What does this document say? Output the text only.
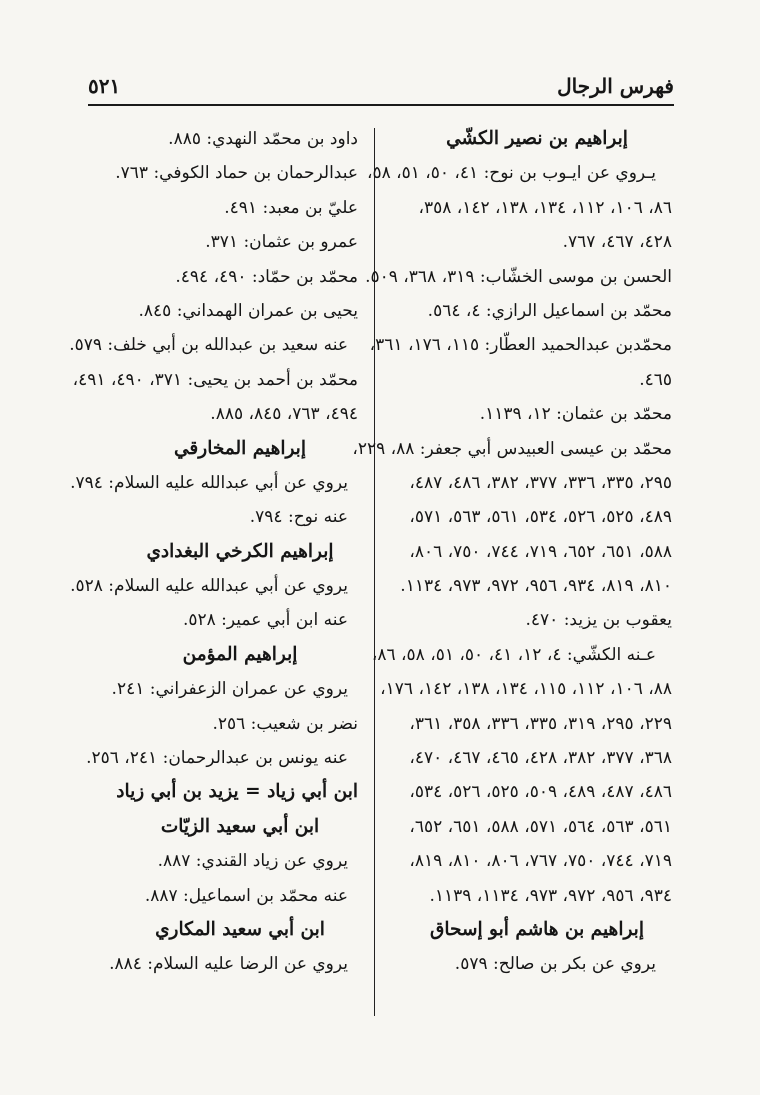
فهرس الرجال
٥٢١
إبراهيم بن نصير الكشّي
يـروي عن ايـوب بن نوح: ٤١، ٥٠، ٥١، ٥٨،
٨٦، ١٠٦، ١١٢، ١٣٤، ١٣٨، ١٤٢، ٣٥٨،
٤٢٨، ٤٦٧، ٧٦٧.
الحسن بن موسى الخشّاب: ٣١٩، ٣٦٨، ٥٠٩.
محمّد بن اسماعيل الرازي: ٤، ٥٦٤.
محمّدبن عبدالحميد العطّار: ١١٥، ١٧٦، ٣٦١،
٤٦٥.
محمّد بن عثمان: ١٢، ١١٣٩.
محمّد بن عيسى العبيدس أبي جعفر: ٨٨، ٢٢٩،
٢٩٥، ٣٣٥، ٣٣٦، ٣٧٧، ٣٨٢، ٤٨٦، ٤٨٧،
٤٨٩، ٥٢٥، ٥٢٦، ٥٣٤، ٥٦١، ٥٦٣، ٥٧١،
٥٨٨، ٦٥١، ٦٥٢، ٧١٩، ٧٤٤، ٧٥٠، ٨٠٦،
٨١٠، ٨١٩، ٩٣٤، ٩٥٦، ٩٧٢، ٩٧٣، ١١٣٤.
يعقوب بن يزيد: ٤٧٠.
عـنه الكشّي: ٤، ١٢، ٤١، ٥٠، ٥١، ٥٨، ٨٦،
٨٨، ١٠٦، ١١٢، ١١٥، ١٣٤، ١٣٨، ١٤٢، ١٧٦،
٢٢٩، ٢٩٥، ٣١٩، ٣٣٥، ٣٣٦، ٣٥٨، ٣٦١،
٣٦٨، ٣٧٧، ٣٨٢، ٤٢٨، ٤٦٥، ٤٦٧، ٤٧٠،
٤٨٦، ٤٨٧، ٤٨٩، ٥٠٩، ٥٢٥، ٥٢٦، ٥٣٤،
٥٦١، ٥٦٣، ٥٦٤، ٥٧١، ٥٨٨، ٦٥١، ٦٥٢،
٧١٩، ٧٤٤، ٧٥٠، ٧٦٧، ٨٠٦، ٨١٠، ٨١٩،
٩٣٤، ٩٥٦، ٩٧٢، ٩٧٣، ١١٣٤، ١١٣٩.
إبراهيم بن هاشم أبو إسحاق
يروي عن بكر بن صالح: ٥٧٩.
داود بن محمّد النهدي: ٨٨٥.
عبدالرحمان بن حماد الكوفي: ٧٦٣.
عليّ بن معبد: ٤٩١.
عمرو بن عثمان: ٣٧١.
محمّد بن حمّاد: ٤٩٠، ٤٩٤.
يحيى بن عمران الهمداني: ٨٤٥.
عنه سعيد بن عبدالله بن أبي خلف: ٥٧٩.
محمّد بن أحمد بن يحيى: ٣٧١، ٤٩٠، ٤٩١،
٤٩٤، ٧٦٣، ٨٤٥، ٨٨٥.
إبراهيم المخارقي
يروي عن أبي عبدالله عليه السلام: ٧٩٤.
عنه نوح: ٧٩٤.
إبراهيم الكرخي البغدادي
يروي عن أبي عبدالله عليه السلام: ٥٢٨.
عنه ابن أبي عمير: ٥٢٨.
إبراهيم المؤمن
يروي عن عمران الزعفراني: ٢٤١.
نضر بن شعيب: ٢٥٦.
عنه يونس بن عبدالرحمان: ٢٤١، ٢٥٦.
ابن أبي زياد = يزيد بن أبي زياد
ابن أبي سعيد الزيّات
يروي عن زياد القندي: ٨٨٧.
عنه محمّد بن اسماعيل: ٨٨٧.
ابن أبي سعيد المكاري
يروي عن الرضا عليه السلام: ٨٨٤.
